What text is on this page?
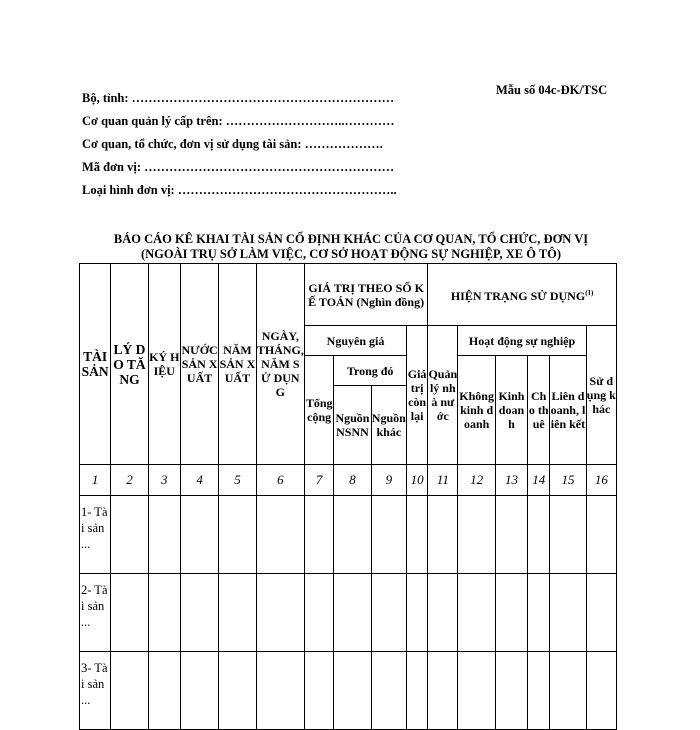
Mẫu số 04c-ĐK/TSC
Bộ, tỉnh: ………………………………………………………
Cơ quan quản lý cấp trên: ………………………..…………
Cơ quan, tổ chức, đơn vị sử dụng tài sản: ……………….
Mã đơn vị: ……………………………………………………
Loại hình đơn vị: ……………………………………………..
BÁO CÁO KÊ KHAI TÀI SẢN CỐ ĐỊNH KHÁC CỦA CƠ QUAN, TỔ CHỨC, ĐƠN VỊ
(NGOÀI TRỤ SỞ LÀM VIỆC, CƠ SỞ HOẠT ĐỘNG SỰ NGHIỆP, XE Ô TÔ)
TÀI SẢN	LÝ DO TĂNG	KÝ HIỆU	NƯỚC SẢN XUẤT	NĂM SẢN XUẤT	NGÀY, THÁNG, NĂM SỬ DỤNG	GIÁ TRỊ THEO SỔ KẾ TOÁN (Nghìn đồng)				HIỆN TRẠNG SỬ DỤNG$^{(1)}$
						Nguyên giá			Giá trị còn lại	Quản lý nhà nước	Hoạt động sự nghiệp				Sử dụng khác
						Tổng cộng	Trong đó				Không kinh doanh	Kinh doanh	Cho thuê	Liên doanh, liên kết	
							Nguồn NSNN	Nguồn khác							
1	2	3	4	5	6	7	8	9	10	11	12	13	14	15	16
1- Tài sản ...															
2- Tài sản ...															
3- Tài sản ...															
